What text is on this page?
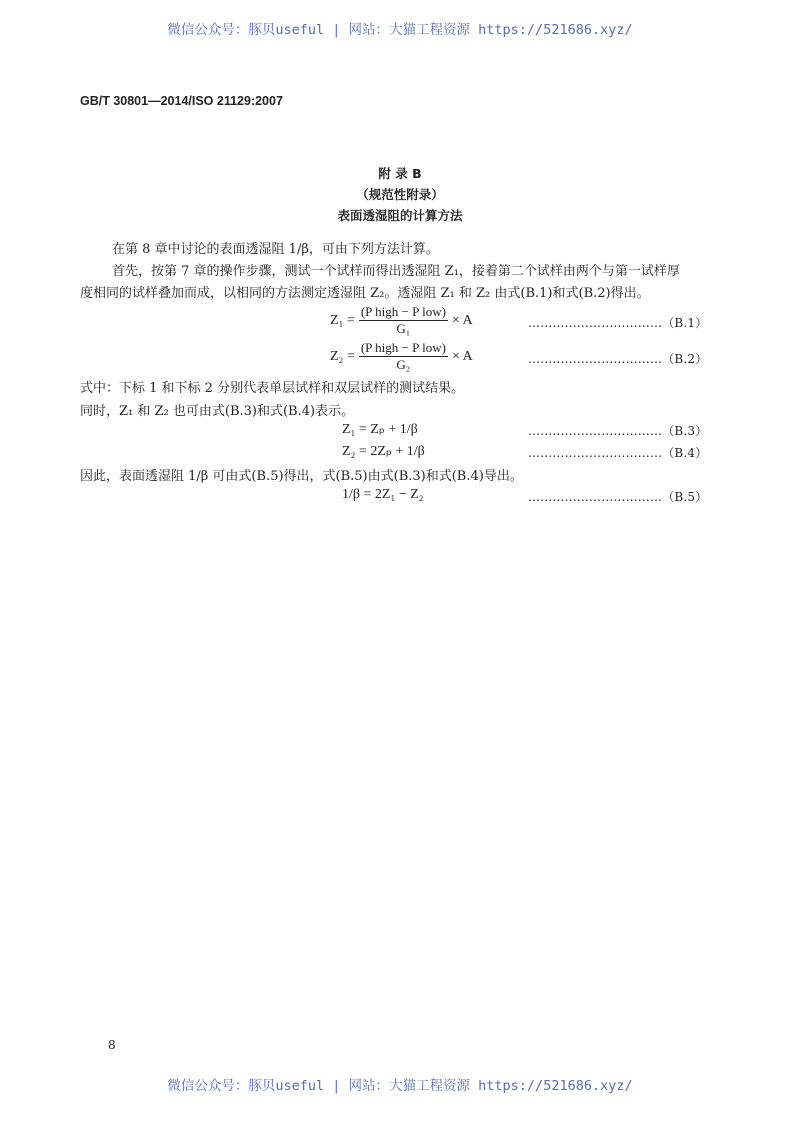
微信公众号：豚贝useful | 网站：大猫工程资源 https://521686.xyz/
GB/T 30801—2014/ISO 21129:2007
附 录 B
（规范性附录）
表面透湿阻的计算方法
在第 8 章中讨论的表面透湿阻 1/β，可由下列方法计算。
首先，按第 7 章的操作步骤，测试一个试样而得出透湿阻 Z₁，接着第二个试样由两个与第一试样厚
度相同的试样叠加而成，以相同的方法测定透湿阻 Z₂。透湿阻 Z₁ 和 Z₂ 由式(B.1)和式(B.2)得出。
$Z_1 = \frac{\text{(P high − P low)}}{\text{G₁}} \times A$	……………………………（B.1）
$Z_2 = \frac{\text{(P high − P low)}}{\text{G₂}} \times A$	……………………………（B.2）
式中：下标 1 和下标 2 分别代表单层试样和双层试样的测试结果。
同时，Z₁ 和 Z₂ 也可由式(B.3)和式(B.4)表示。
Z₁ = Zₚ + 1/β	……………………………（B.3）
Z₂ = 2Zₚ + 1/β	……………………………（B.4）
因此，表面透湿阻 1/β 可由式(B.5)得出，式(B.5)由式(B.3)和式(B.4)导出。
1/β = 2Z₁ − Z₂	……………………………（B.5）
8
微信公众号：豚贝useful | 网站：大猫工程资源 https://521686.xyz/
